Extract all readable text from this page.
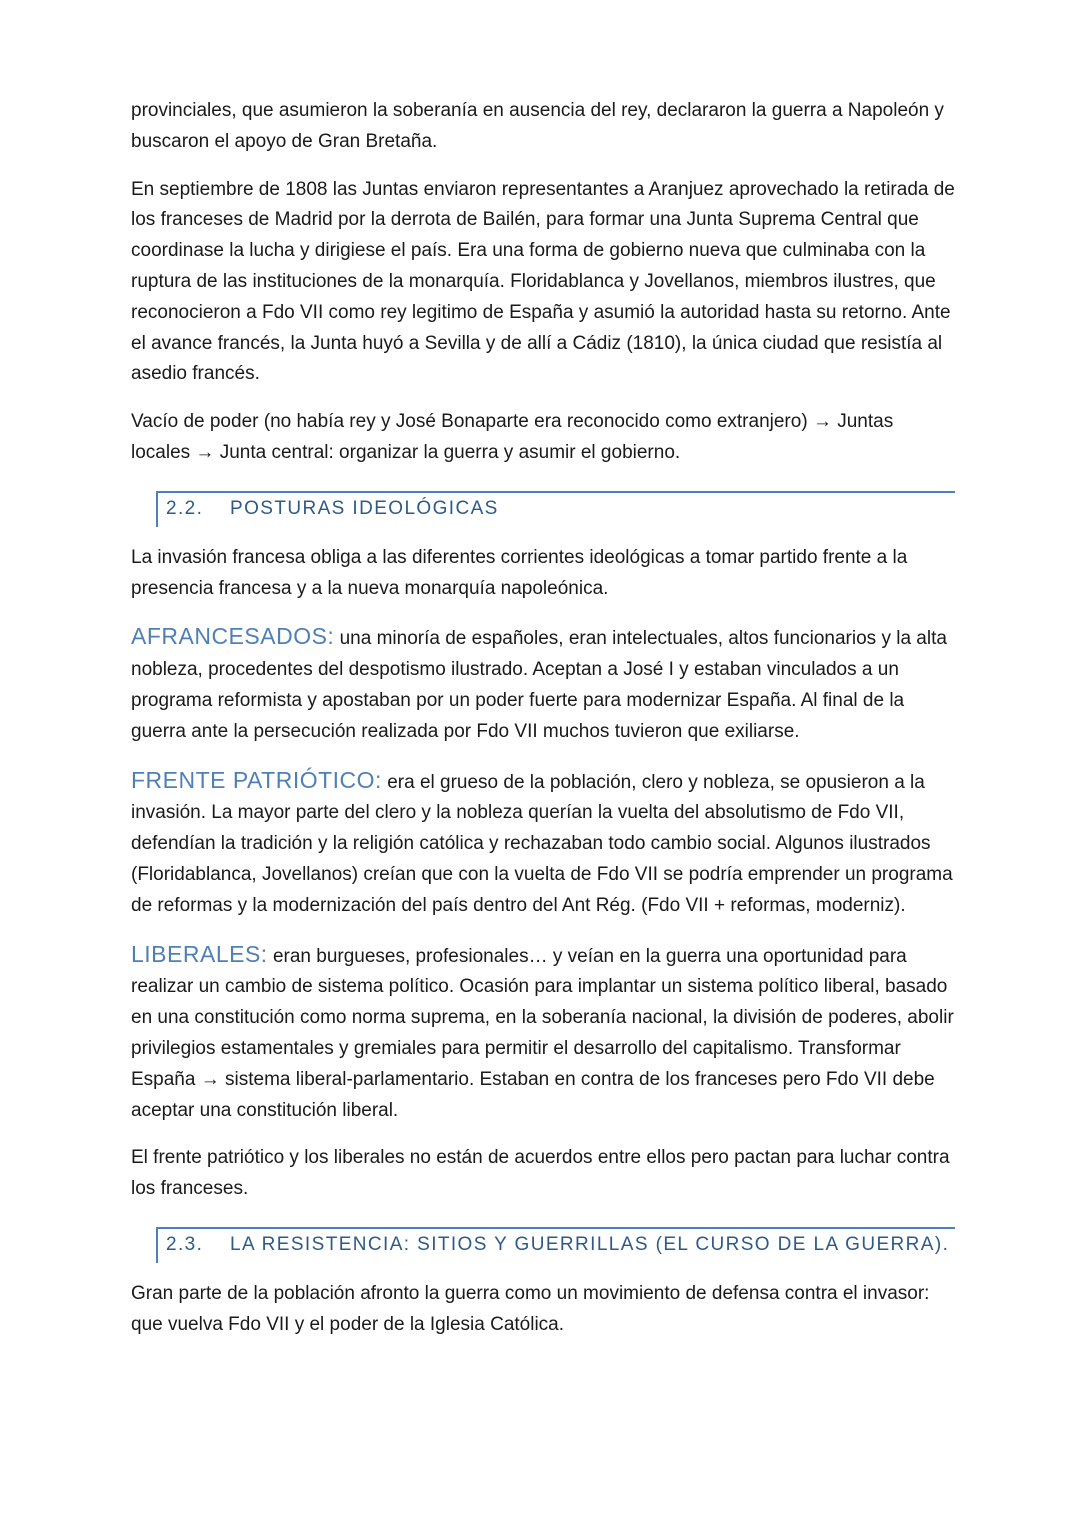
provinciales, que asumieron la soberanía en ausencia del rey, declararon la guerra a Napoleón y buscaron el apoyo de Gran Bretaña.

En septiembre de 1808 las Juntas enviaron representantes a Aranjuez aprovechado la retirada de los franceses de Madrid por la derrota de Bailén, para formar una Junta Suprema Central que coordinase la lucha y dirigiese el país. Era una forma de gobierno nueva que culminaba con la ruptura de las instituciones de la monarquía. Floridablanca y Jovellanos, miembros ilustres, que reconocieron a Fdo VII como rey legitimo de España y asumió la autoridad hasta su retorno. Ante el avance francés, la Junta huyó a Sevilla y de allí a Cádiz (1810), la única ciudad que resistía al asedio francés.

Vacío de poder (no había rey y José Bonaparte era reconocido como extranjero) → Juntas locales → Junta central: organizar la guerra y asumir el gobierno.

2.2. POSTURAS IDEOLÓGICAS

La invasión francesa obliga a las diferentes corrientes ideológicas a tomar partido frente a la presencia francesa y a la nueva monarquía napoleónica.

AFRANCESADOS: una minoría de españoles, eran intelectuales, altos funcionarios y la alta nobleza, procedentes del despotismo ilustrado. Aceptan a José I y estaban vinculados a un programa reformista y apostaban por un poder fuerte para modernizar España. Al final de la guerra ante la persecución realizada por Fdo VII muchos tuvieron que exiliarse.

FRENTE PATRIÓTICO: era el grueso de la población, clero y nobleza, se opusieron a la invasión. La mayor parte del clero y la nobleza querían la vuelta del absolutismo de Fdo VII, defendían la tradición y la religión católica y rechazaban todo cambio social. Algunos ilustrados (Floridablanca, Jovellanos) creían que con la vuelta de Fdo VII se podría emprender un programa de reformas y la modernización del país dentro del Ant Rég. (Fdo VII + reformas, moderniz).

LIBERALES: eran burgueses, profesionales… y veían en la guerra una oportunidad para realizar un cambio de sistema político. Ocasión para implantar un sistema político liberal, basado en una constitución como norma suprema, en la soberanía nacional, la división de poderes, abolir privilegios estamentales y gremiales para permitir el desarrollo del capitalismo. Transformar España → sistema liberal-parlamentario. Estaban en contra de los franceses pero Fdo VII debe aceptar una constitución liberal.

El frente patriótico y los liberales no están de acuerdos entre ellos pero pactan para luchar contra los franceses.

2.3. LA RESISTENCIA: SITIOS Y GUERRILLAS (EL CURSO DE LA GUERRA).

Gran parte de la población afronto la guerra como un movimiento de defensa contra el invasor: que vuelva Fdo VII y el poder de la Iglesia Católica.
